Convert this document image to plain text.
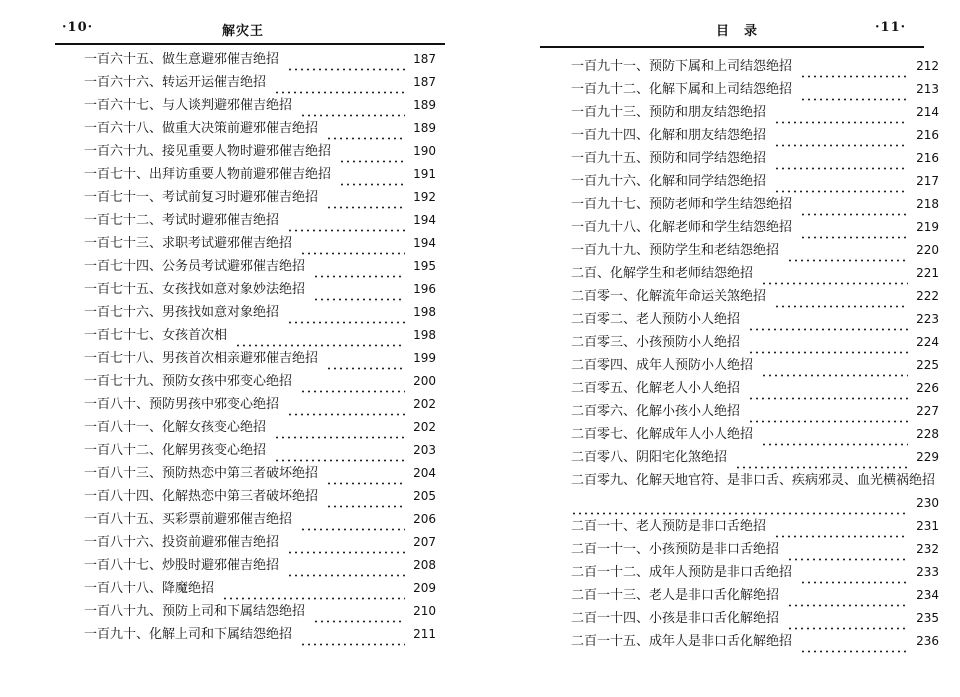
·10·	解灾王
一百六十五、做生意避邪催吉绝招	187
一百六十六、转运开运催吉绝招	187
一百六十七、与人谈判避邪催吉绝招	189
一百六十八、做重大决策前避邪催吉绝招	189
一百六十九、接见重要人物时避邪催吉绝招	190
一百七十、出拜访重要人物前避邪催吉绝招	191
一百七十一、考试前复习时避邪催吉绝招	192
一百七十二、考试时避邪催吉绝招	194
一百七十三、求职考试避邪催吉绝招	194
一百七十四、公务员考试避邪催吉绝招	195
一百七十五、女孩找如意对象妙法绝招	196
一百七十六、男孩找如意对象绝招	198
一百七十七、女孩首次相	198
一百七十八、男孩首次相亲避邪催吉绝招	199
一百七十九、预防女孩中邪变心绝招	200
一百八十、预防男孩中邪变心绝招	202
一百八十一、化解女孩变心绝招	202
一百八十二、化解男孩变心绝招	203
一百八十三、预防热恋中第三者破坏绝招	204
一百八十四、化解热恋中第三者破坏绝招	205
一百八十五、买彩票前避邪催吉绝招	206
一百八十六、投资前避邪催吉绝招	207
一百八十七、炒股时避邪催吉绝招	208
一百八十八、降魔绝招	209
一百八十九、预防上司和下属结怨绝招	210
一百九十、化解上司和下属结怨绝招	211
目　录	·11·
一百九十一、预防下属和上司结怨绝招	212
一百九十二、化解下属和上司结怨绝招	213
一百九十三、预防和朋友结怨绝招	214
一百九十四、化解和朋友结怨绝招	216
一百九十五、预防和同学结怨绝招	216
一百九十六、化解和同学结怨绝招	217
一百九十七、预防老师和学生结怨绝招	218
一百九十八、化解老师和学生结怨绝招	219
一百九十九、预防学生和老结怨绝招	220
二百、化解学生和老师结怨绝招	221
二百零一、化解流年命运关煞绝招	222
二百零二、老人预防小人绝招	223
二百零三、小孩预防小人绝招	224
二百零四、成年人预防小人绝招	225
二百零五、化解老人小人绝招	226
二百零六、化解小孩小人绝招	227
二百零七、化解成年人小人绝招	228
二百零八、阴阳宅化煞绝招	229
二百零九、化解天地官符、是非口舌、疾病邪灵、血光横祸绝招
230
二百一十、老人预防是非口舌绝招	231
二百一十一、小孩预防是非口舌绝招	232
二百一十二、成年人预防是非口舌绝招	233
二百一十三、老人是非口舌化解绝招	234
二百一十四、小孩是非口舌化解绝招	235
二百一十五、成年人是非口舌化解绝招	236
